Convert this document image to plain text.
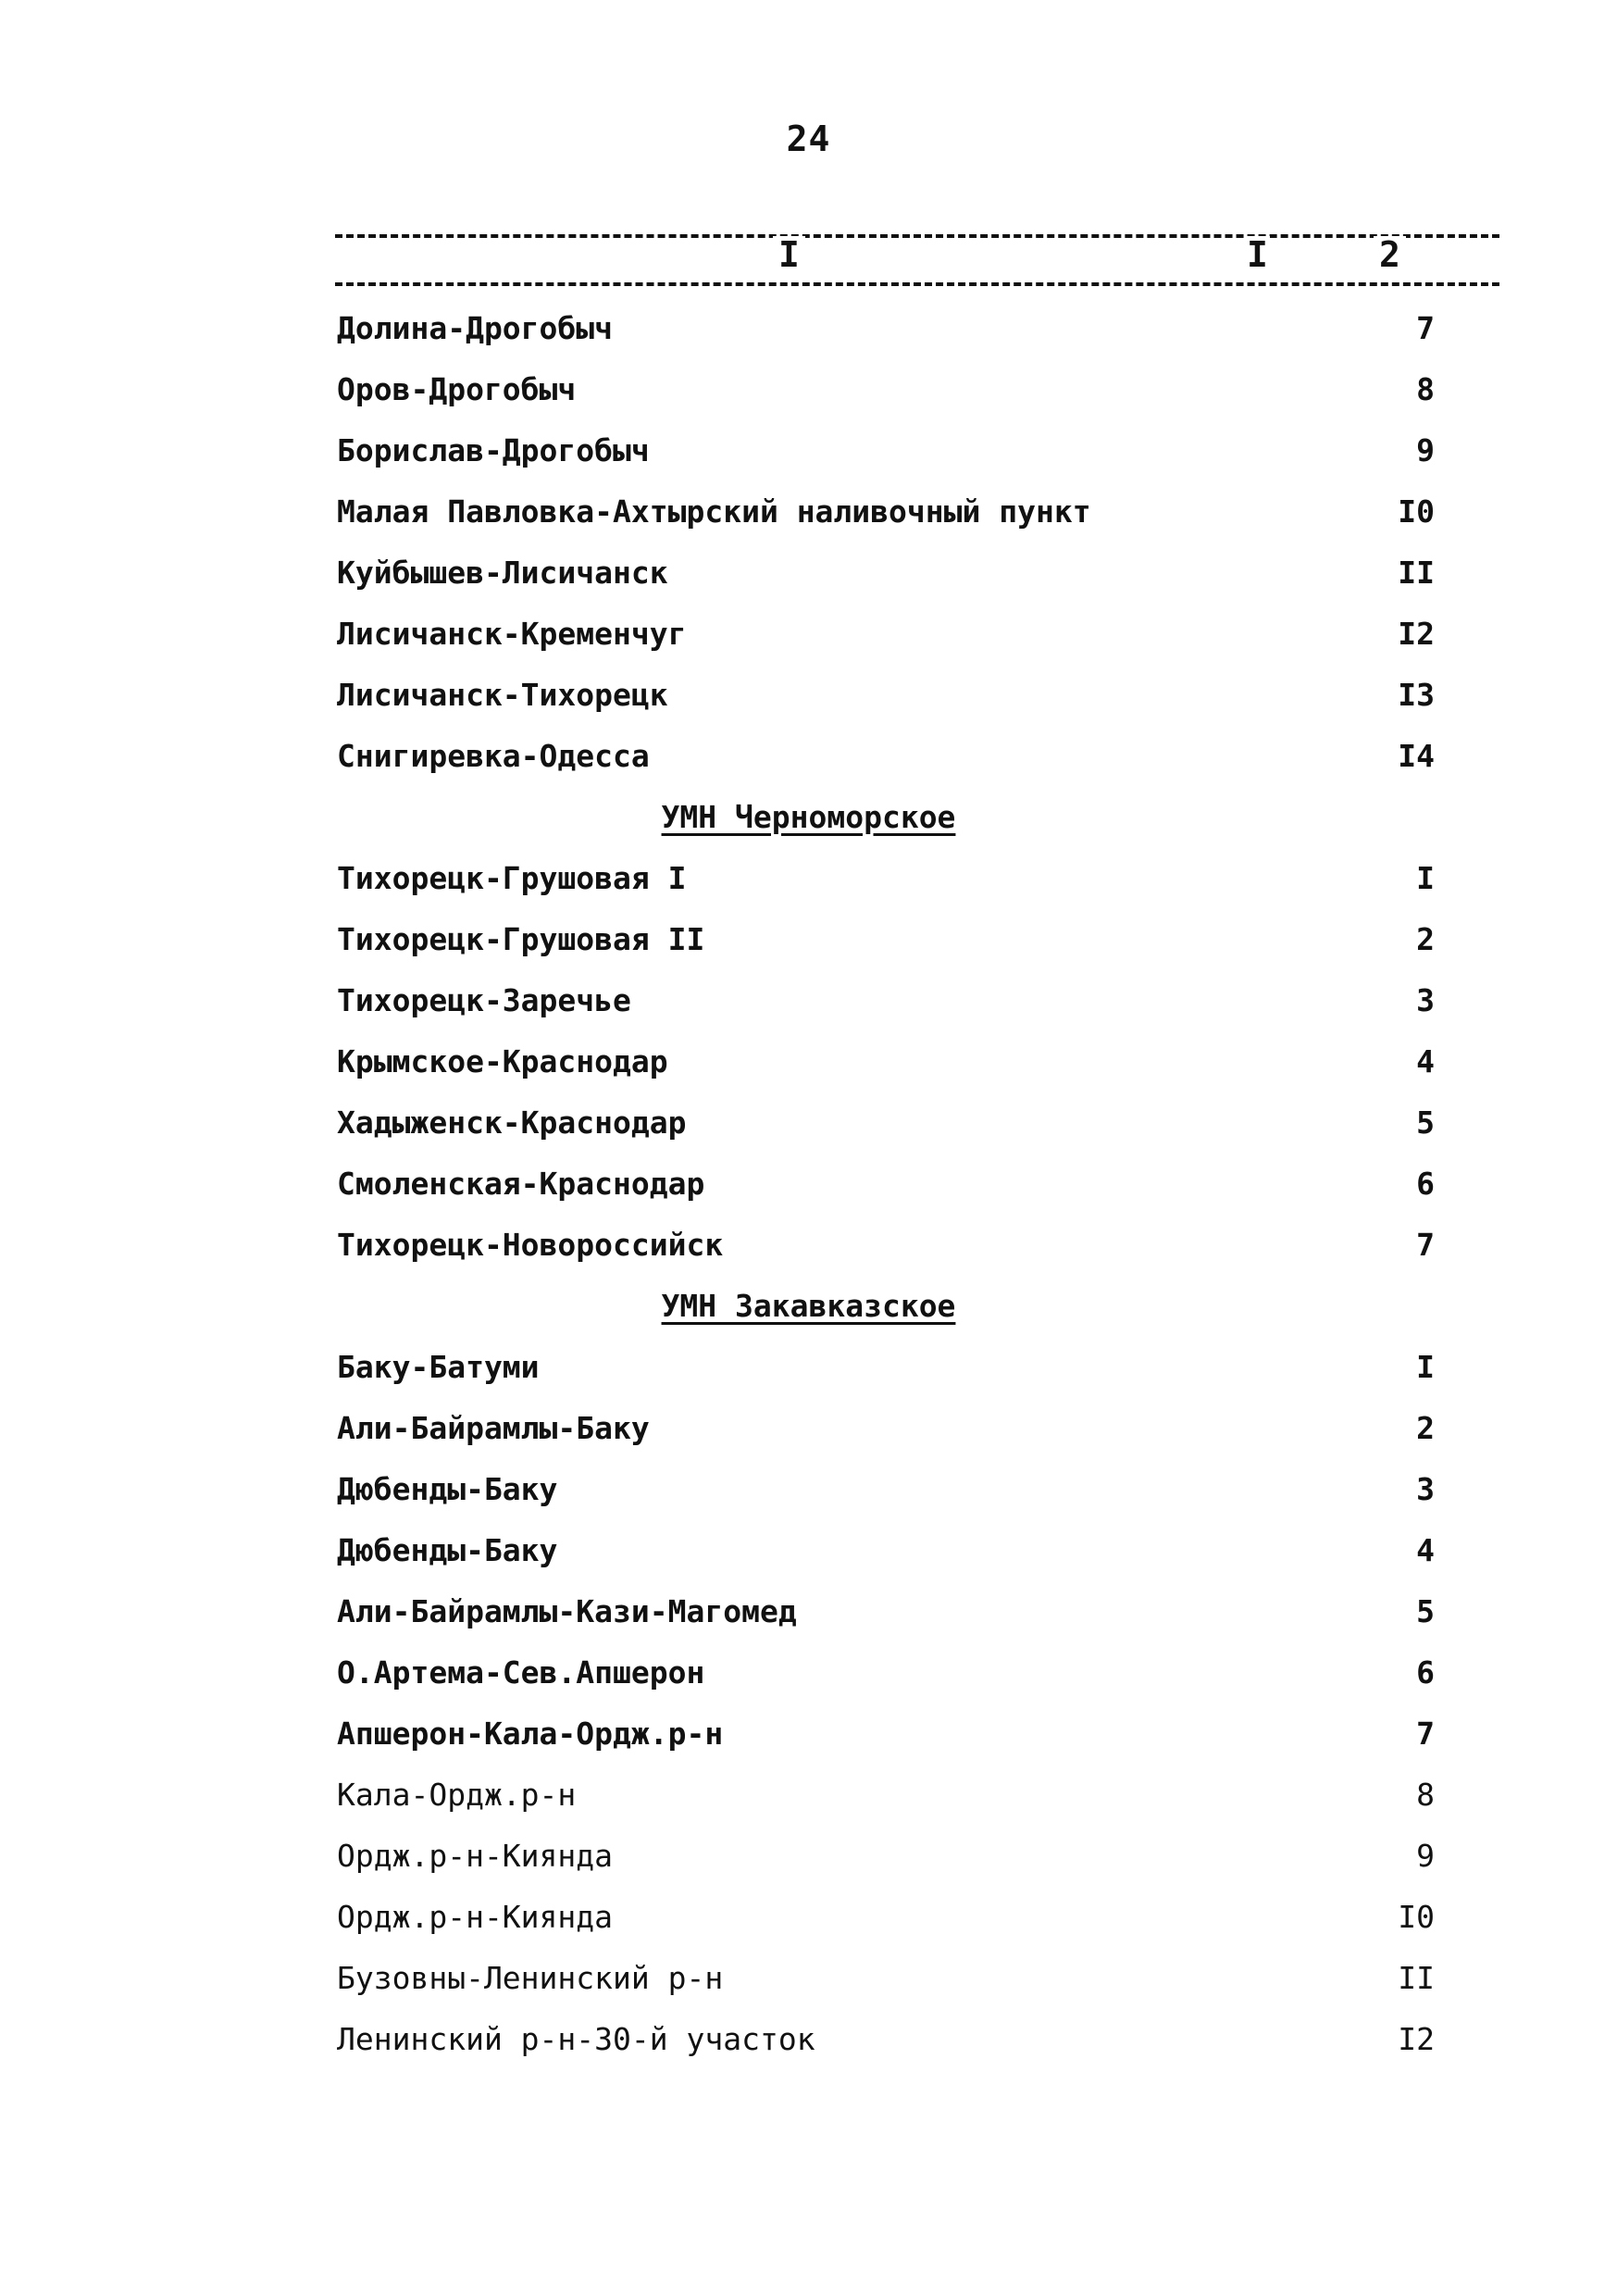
24
I	I	2
Долина-Дрогобыч	7
Оров-Дрогобыч	8
Борислав-Дрогобыч	9
Малая Павловка-Ахтырский наливочный пункт	I0
Куйбышев-Лисичанск	II
Лисичанск-Кременчуг	I2
Лисичанск-Тихорецк	I3
Снигиревка-Одесса	I4
УМН Черноморское
Тихорецк-Грушовая I	I
Тихорецк-Грушовая II	2
Тихорецк-Заречье	3
Крымское-Краснодар	4
Хадыженск-Краснодар	5
Смоленская-Краснодар	6
Тихорецк-Новороссийск	7
УМН Закавказское
Баку-Батуми	I
Али-Байрамлы-Баку	2
Дюбенды-Баку	3
Дюбенды-Баку	4
Али-Байрамлы-Кази-Магомед	5
О.Артема-Сев.Апшерон	6
Апшерон-Кала-Ордж.р-н	7
Кала-Ордж.р-н	8
Ордж.р-н-Киянда	9
Ордж.р-н-Киянда	I0
Бузовны-Ленинский р-н	II
Ленинский р-н-30-й участок	I2
